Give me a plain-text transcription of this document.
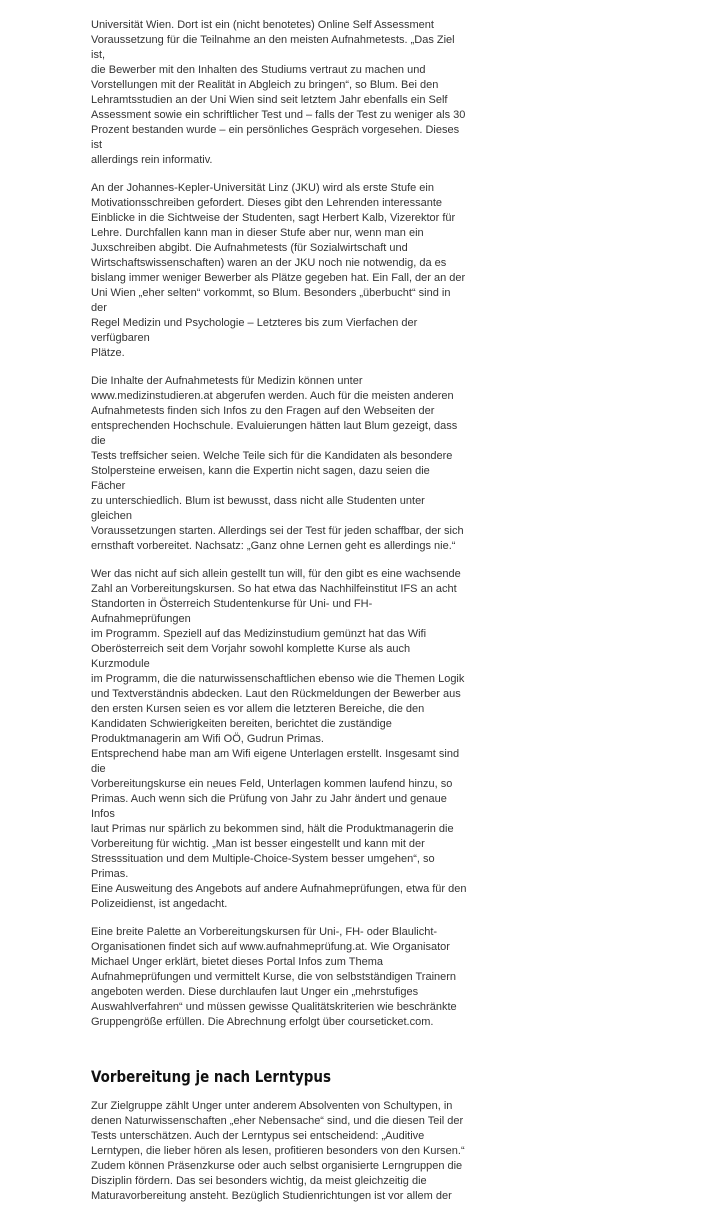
Universität Wien. Dort ist ein (nicht benotetes) Online Self Assessment
Voraussetzung für die Teilnahme an den meisten Aufnahmetests. „Das Ziel ist,
die Bewerber mit den Inhalten des Studiums vertraut zu machen und
Vorstellungen mit der Realität in Abgleich zu bringen“, so Blum. Bei den
Lehramtsstudien an der Uni Wien sind seit letztem Jahr ebenfalls ein Self
Assessment sowie ein schriftlicher Test und – falls der Test zu weniger als 30
Prozent bestanden wurde – ein persönliches Gespräch vorgesehen. Dieses ist
allerdings rein informativ.

An der Johannes-Kepler-Universität Linz (JKU) wird als erste Stufe ein
Motivationsschreiben gefordert. Dieses gibt den Lehrenden interessante
Einblicke in die Sichtweise der Studenten, sagt Herbert Kalb, Vizerektor für
Lehre. Durchfallen kann man in dieser Stufe aber nur, wenn man ein
Juxschreiben abgibt. Die Aufnahmetests (für Sozialwirtschaft und
Wirtschaftswissenschaften) waren an der JKU noch nie notwendig, da es
bislang immer weniger Bewerber als Plätze gegeben hat. Ein Fall, der an der
Uni Wien „eher selten“ vorkommt, so Blum. Besonders „überbucht“ sind in der
Regel Medizin und Psychologie – Letzteres bis zum Vierfachen der verfügbaren
Plätze.

Die Inhalte der Aufnahmetests für Medizin können unter
www.medizinstudieren.at abgerufen werden. Auch für die meisten anderen
Aufnahmetests finden sich Infos zu den Fragen auf den Webseiten der
entsprechenden Hochschule. Evaluierungen hätten laut Blum gezeigt, dass die
Tests treffsicher seien. Welche Teile sich für die Kandidaten als besondere
Stolpersteine erweisen, kann die Expertin nicht sagen, dazu seien die Fächer
zu unterschiedlich. Blum ist bewusst, dass nicht alle Studenten unter gleichen
Voraussetzungen starten. Allerdings sei der Test für jeden schaffbar, der sich
ernsthaft vorbereitet. Nachsatz: „Ganz ohne Lernen geht es allerdings nie.“

Wer das nicht auf sich allein gestellt tun will, für den gibt es eine wachsende
Zahl an Vorbereitungskursen. So hat etwa das Nachhilfeinstitut IFS an acht
Standorten in Österreich Studentenkurse für Uni- und FH-Aufnahmeprüfungen
im Programm. Speziell auf das Medizinstudium gemünzt hat das Wifi
Oberösterreich seit dem Vorjahr sowohl komplette Kurse als auch Kurzmodule
im Programm, die die naturwissenschaftlichen ebenso wie die Themen Logik
und Textverständnis abdecken. Laut den Rückmeldungen der Bewerber aus
den ersten Kursen seien es vor allem die letzteren Bereiche, die den
Kandidaten Schwierigkeiten bereiten, berichtet die zuständige
Produktmanagerin am Wifi OÖ, Gudrun Primas.

Entsprechend habe man am Wifi eigene Unterlagen erstellt. Insgesamt sind die
Vorbereitungskurse ein neues Feld, Unterlagen kommen laufend hinzu, so
Primas. Auch wenn sich die Prüfung von Jahr zu Jahr ändert und genaue Infos
laut Primas nur spärlich zu bekommen sind, hält die Produktmanagerin die
Vorbereitung für wichtig. „Man ist besser eingestellt und kann mit der
Stresssituation und dem Multiple-Choice-System besser umgehen“, so Primas.
Eine Ausweitung des Angebots auf andere Aufnahmeprüfungen, etwa für den
Polizeidienst, ist angedacht.

Eine breite Palette an Vorbereitungskursen für Uni-, FH- oder Blaulicht-
Organisationen findet sich auf www.aufnahmeprüfung.at. Wie Organisator
Michael Unger erklärt, bietet dieses Portal Infos zum Thema
Aufnahmeprüfungen und vermittelt Kurse, die von selbstständigen Trainern
angeboten werden. Diese durchlaufen laut Unger ein „mehrstufiges
Auswahlverfahren“ und müssen gewisse Qualitätskriterien wie beschränkte
Gruppengröße erfüllen. Die Abrechnung erfolgt über courseticket.com.

Vorbereitung je nach Lerntypus

Zur Zielgruppe zählt Unger unter anderem Absolventen von Schultypen, in
denen Naturwissenschaften „eher Nebensache“ sind, und die diesen Teil der
Tests unterschätzen. Auch der Lerntypus sei entscheidend: „Auditive
Lerntypen, die lieber hören als lesen, profitieren besonders von den Kursen.“
Zudem können Präsenzkurse oder auch selbst organisierte Lerngruppen die
Disziplin fördern. Das sei besonders wichtig, da meist gleichzeitig die
Maturavorbereitung ansteht. Bezüglich Studienrichtungen ist vor allem der
